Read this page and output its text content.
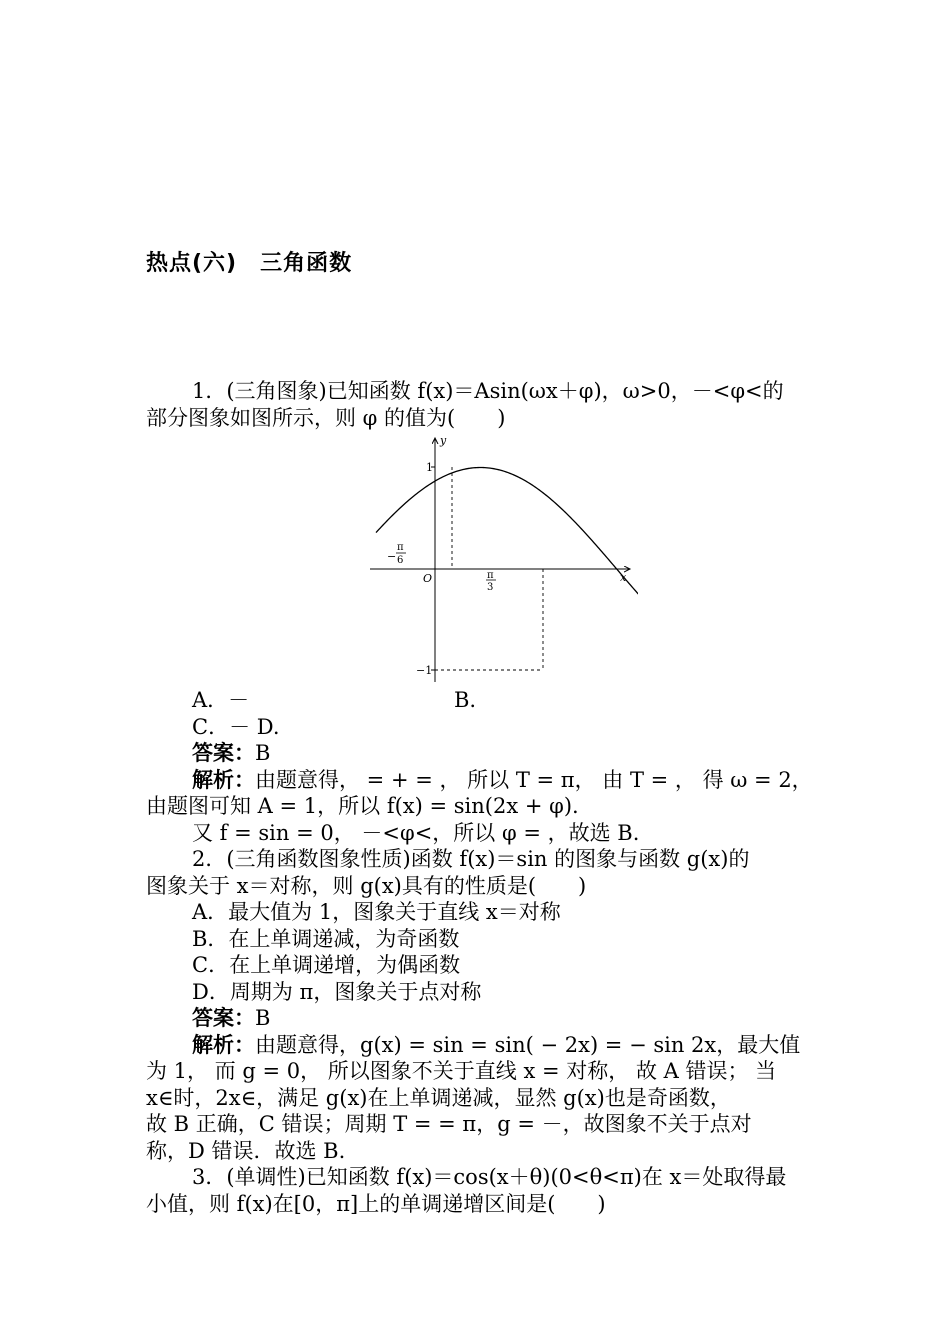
热点(六)　三角函数
1．(三角图象)已知函数 f(x)＝Asin(ωx＋φ)，ω>0，－<φ<的
部分图象如图所示，则 φ 的值为(　　)
y
x
O
1
−1
−
π
6
π
3
A．－	B.
C．－ D.
答案：B
解析：由题意得， = + = ， 所以 T = π， 由 T = ， 得 ω = 2，
由题图可知 A = 1，所以 f(x) = sin(2x + φ).
又 f = sin = 0， －<φ<，所以 φ = ，故选 B.
2．(三角函数图象性质)函数 f(x)＝sin 的图象与函数 g(x)的
图象关于 x＝对称，则 g(x)具有的性质是(　　)
A．最大值为 1，图象关于直线 x＝对称
B．在上单调递减，为奇函数
C．在上单调递增，为偶函数
D．周期为 π，图象关于点对称
答案：B
解析：由题意得，g(x) = sin = sin( − 2x) = − sin 2x，最大值
为 1， 而 g = 0， 所以图象不关于直线 x = 对称， 故 A 错误； 当
x∈时，2x∈，满足 g(x)在上单调递减，显然 g(x)也是奇函数，
故 B 正确，C 错误；周期 T = = π，g = －，故图象不关于点对
称，D 错误．故选 B.
3．(单调性)已知函数 f(x)＝cos(x＋θ)(0<θ<π)在 x＝处取得最
小值，则 f(x)在[0，π]上的单调递增区间是(　　)
